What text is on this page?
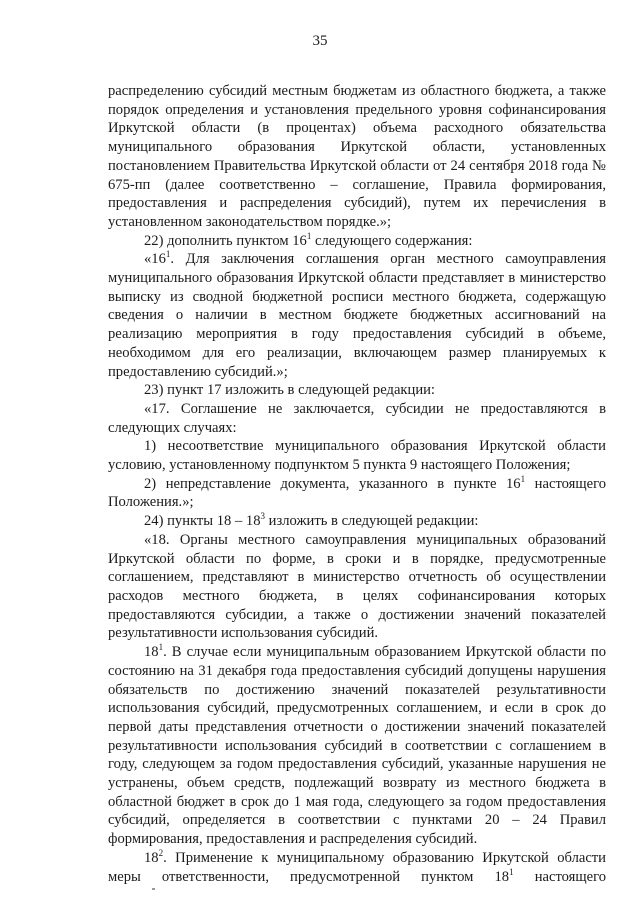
35

распределению субсидий местным бюджетам из областного бюджета, а также порядок определения и установления предельного уровня софинансирования Иркутской области (в процентах) объема расходного обязательства муниципального образования Иркутской области, установленных постановлением Правительства Иркутской области от 24 сентября 2018 года № 675-пп (далее соответственно – соглашение, Правила формирования, предоставления и распределения субсидий), путем их перечисления в установленном законодательством порядке.»;

22) дополнить пунктом $16^1$ следующего содержания:

«$16^1$. Для заключения соглашения орган местного самоуправления муниципального образования Иркутской области представляет в министерство выписку из сводной бюджетной росписи местного бюджета, содержащую сведения о наличии в местном бюджете бюджетных ассигнований на реализацию мероприятия в году предоставления субсидий в объеме, необходимом для его реализации, включающем размер планируемых к предоставлению субсидий.»;

23) пункт 17 изложить в следующей редакции:

«17. Соглашение не заключается, субсидии не предоставляются в следующих случаях:

1) несоответствие муниципального образования Иркутской области условию, установленному подпунктом 5 пункта 9 настоящего Положения;

2) непредставление документа, указанного в пункте $16^1$ настоящего Положения.»;

24) пункты $18 - 18^3$ изложить в следующей редакции:

«18. Органы местного самоуправления муниципальных образований Иркутской области по форме, в сроки и в порядке, предусмотренные соглашением, представляют в министерство отчетность об осуществлении расходов местного бюджета, в целях софинансирования которых предоставляются субсидии, а также о достижении значений показателей результативности использования субсидий.

$18^1$. В случае если муниципальным образованием Иркутской области по состоянию на 31 декабря года предоставления субсидий допущены нарушения обязательств по достижению значений показателей результативности использования субсидий, предусмотренных соглашением, и если в срок до первой даты представления отчетности о достижении значений показателей результативности использования субсидий в соответствии с соглашением в году, следующем за годом предоставления субсидий, указанные нарушения не устранены, объем средств, подлежащий возврату из местного бюджета в областной бюджет в срок до 1 мая года, следующего за годом предоставления субсидий, определяется в соответствии с пунктами 20 – 24 Правил формирования, предоставления и распределения субсидий.

$18^2$. Применение к муниципальному образованию Иркутской области меры ответственности, предусмотренной пунктом $18^1$ настоящего
